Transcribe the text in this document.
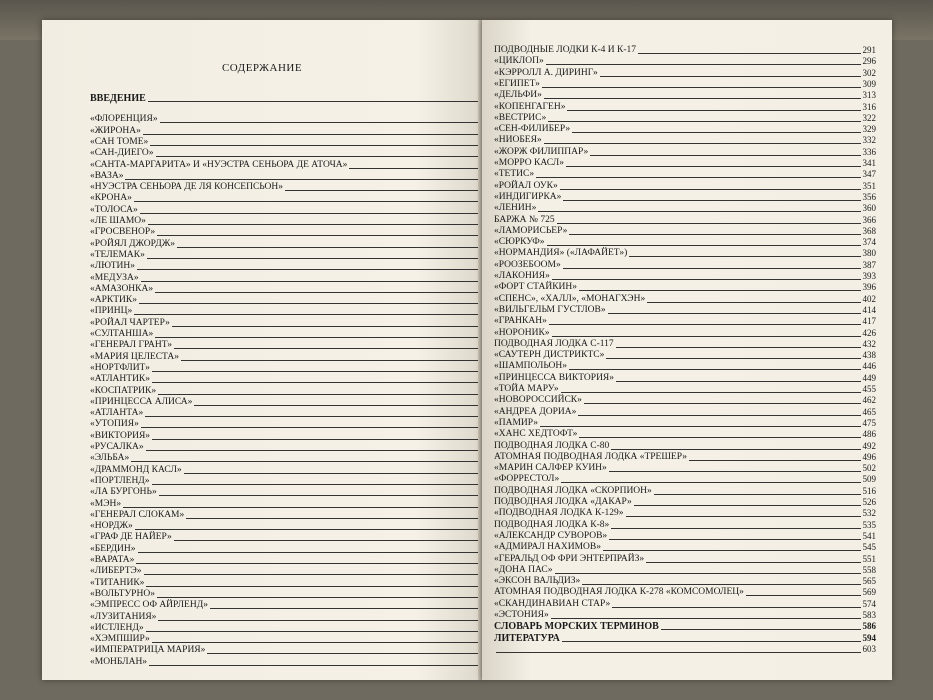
СОДЕРЖАНИЕ
ВВЕДЕНИЕ
«ФЛОРЕНЦИЯ»
«ЖИРОНА»
«САН ТОМЕ»
«САН-ДИЕГО»
«САНТА-МАРГАРИТА» И «НУЭСТРА СЕНЬОРА ДЕ АТОЧА»
«ВАЗА»
«НУЭСТРА СЕНЬОРА ДЕ ЛЯ КОНСЕПСЬОН»
«КРОНА»
«ТОЛОСА»
«ЛЕ ШАМО»
«ГРОСВЕНОР»
«РОЙЯЛ ДЖОРДЖ»
«ТЕЛЕМАК»
«ЛЮТИН»
«МЕДУЗА»
«АМАЗОНКА»
«АРКТИК»
«ПРИНЦ»
«РОЙАЛ ЧАРТЕР»
«СУЛТАНША»
«ГЕНЕРАЛ ГРАНТ»
«МАРИЯ ЦЕЛЕСТА»
«НОРТФЛИТ»
«АТЛАНТИК»
«КОСПАТРИК»
«ПРИНЦЕССА АЛИСА»
«АТЛАНТА»
«УТОПИЯ»
«ВИКТОРИЯ»
«РУСАЛКА»
«ЭЛЬБА»
«ДРАММОНД КАСЛ»
«ПОРТЛЕНД»
«ЛА БУРГОНЬ»
«МЭН»
«ГЕНЕРАЛ СЛОКАМ»
«НОРДЖ»
«ГРАФ ДЕ НАЙЕР»
«БЕРДИН»
«ВАРАТА»
«ЛИБЕРТЭ»
«ТИТАНИК»
«ВОЛЬТУРНО»
«ЭМПРЕСС ОФ АЙРЛЕНД»
«ЛУЗИТАНИЯ»
«ИСТЛЕНД»
«ХЭМПШИР»
«ИМПЕРАТРИЦА МАРИЯ»
«МОНБЛАН»
ПОДВОДНЫЕ ЛОДКИ К-4 И К-17	291
«ЦИКЛОП»	296
«КЭРРОЛЛ А. ДИРИНГ»	302
«ЕГИПЕТ»	309
«ДЕЛЬФИ»	313
«КОПЕНГАГЕН»	316
«ВЕСТРИС»	322
«СЕН-ФИЛИБЕР»	329
«НИОБЕЯ»	332
«ЖОРЖ ФИЛИППАР»	336
«МОРРО КАСЛ»	341
«ТЕТИС»	347
«РОЙАЛ ОУК»	351
«ИНДИГИРКА»	356
«ЛЕНИН»	360
БАРЖА № 725	366
«ЛАМОРИСЬЕР»	368
«СЮРКУФ»	374
«НОРМАНДИЯ» («ЛАФАЙЕТ»)	380
«РООЗЕБООМ»	387
«ЛАКОНИЯ»	393
«ФОРТ СТАЙКИН»	396
«СПЕНС», «ХАЛЛ», «МОНАГХЭН»	402
«ВИЛЬГЕЛЬМ ГУСТЛОВ»	414
«ГРАНКАН»	417
«НОРОНИК»	426
ПОДВОДНАЯ ЛОДКА С-117	432
«САУТЕРН ДИСТРИКТС»	438
«ШАМПОЛЬОН»	446
«ПРИНЦЕССА ВИКТОРИЯ»	449
«ТОЙА МАРУ»	455
«НОВОРОССИЙСК»	462
«АНДРЕА ДОРИА»	465
«ПАМИР»	475
«ХАНС ХЕДТОФТ»	486
ПОДВОДНАЯ ЛОДКА С-80	492
АТОМНАЯ ПОДВОДНАЯ ЛОДКА «ТРЕШЕР»	496
«МАРИН САЛФЕР КУИН»	502
«ФОРРЕСТОЛ»	509
ПОДВОДНАЯ ЛОДКА «СКОРПИОН»	516
ПОДВОДНАЯ ЛОДКА «ДАКАР»	526
«ПОДВОДНАЯ ЛОДКА К-129»	532
ПОДВОДНАЯ ЛОДКА К-8»	535
«АЛЕКСАНДР СУВОРОВ»	541
«АДМИРАЛ НАХИМОВ»	545
«ГЕРАЛЬД ОФ ФРИ ЭНТЕРПРАЙЗ»	551
«ДОНА ПАС»	558
«ЭКСОН ВАЛЬДИЗ»	565
АТОМНАЯ ПОДВОДНАЯ ЛОДКА К-278 «КОМСОМОЛЕЦ»	569
«СКАНДИНАВИАН СТАР»	574
«ЭСТОНИЯ»	583
СЛОВАРЬ МОРСКИХ ТЕРМИНОВ	586
ЛИТЕРАТУРА	594
603
